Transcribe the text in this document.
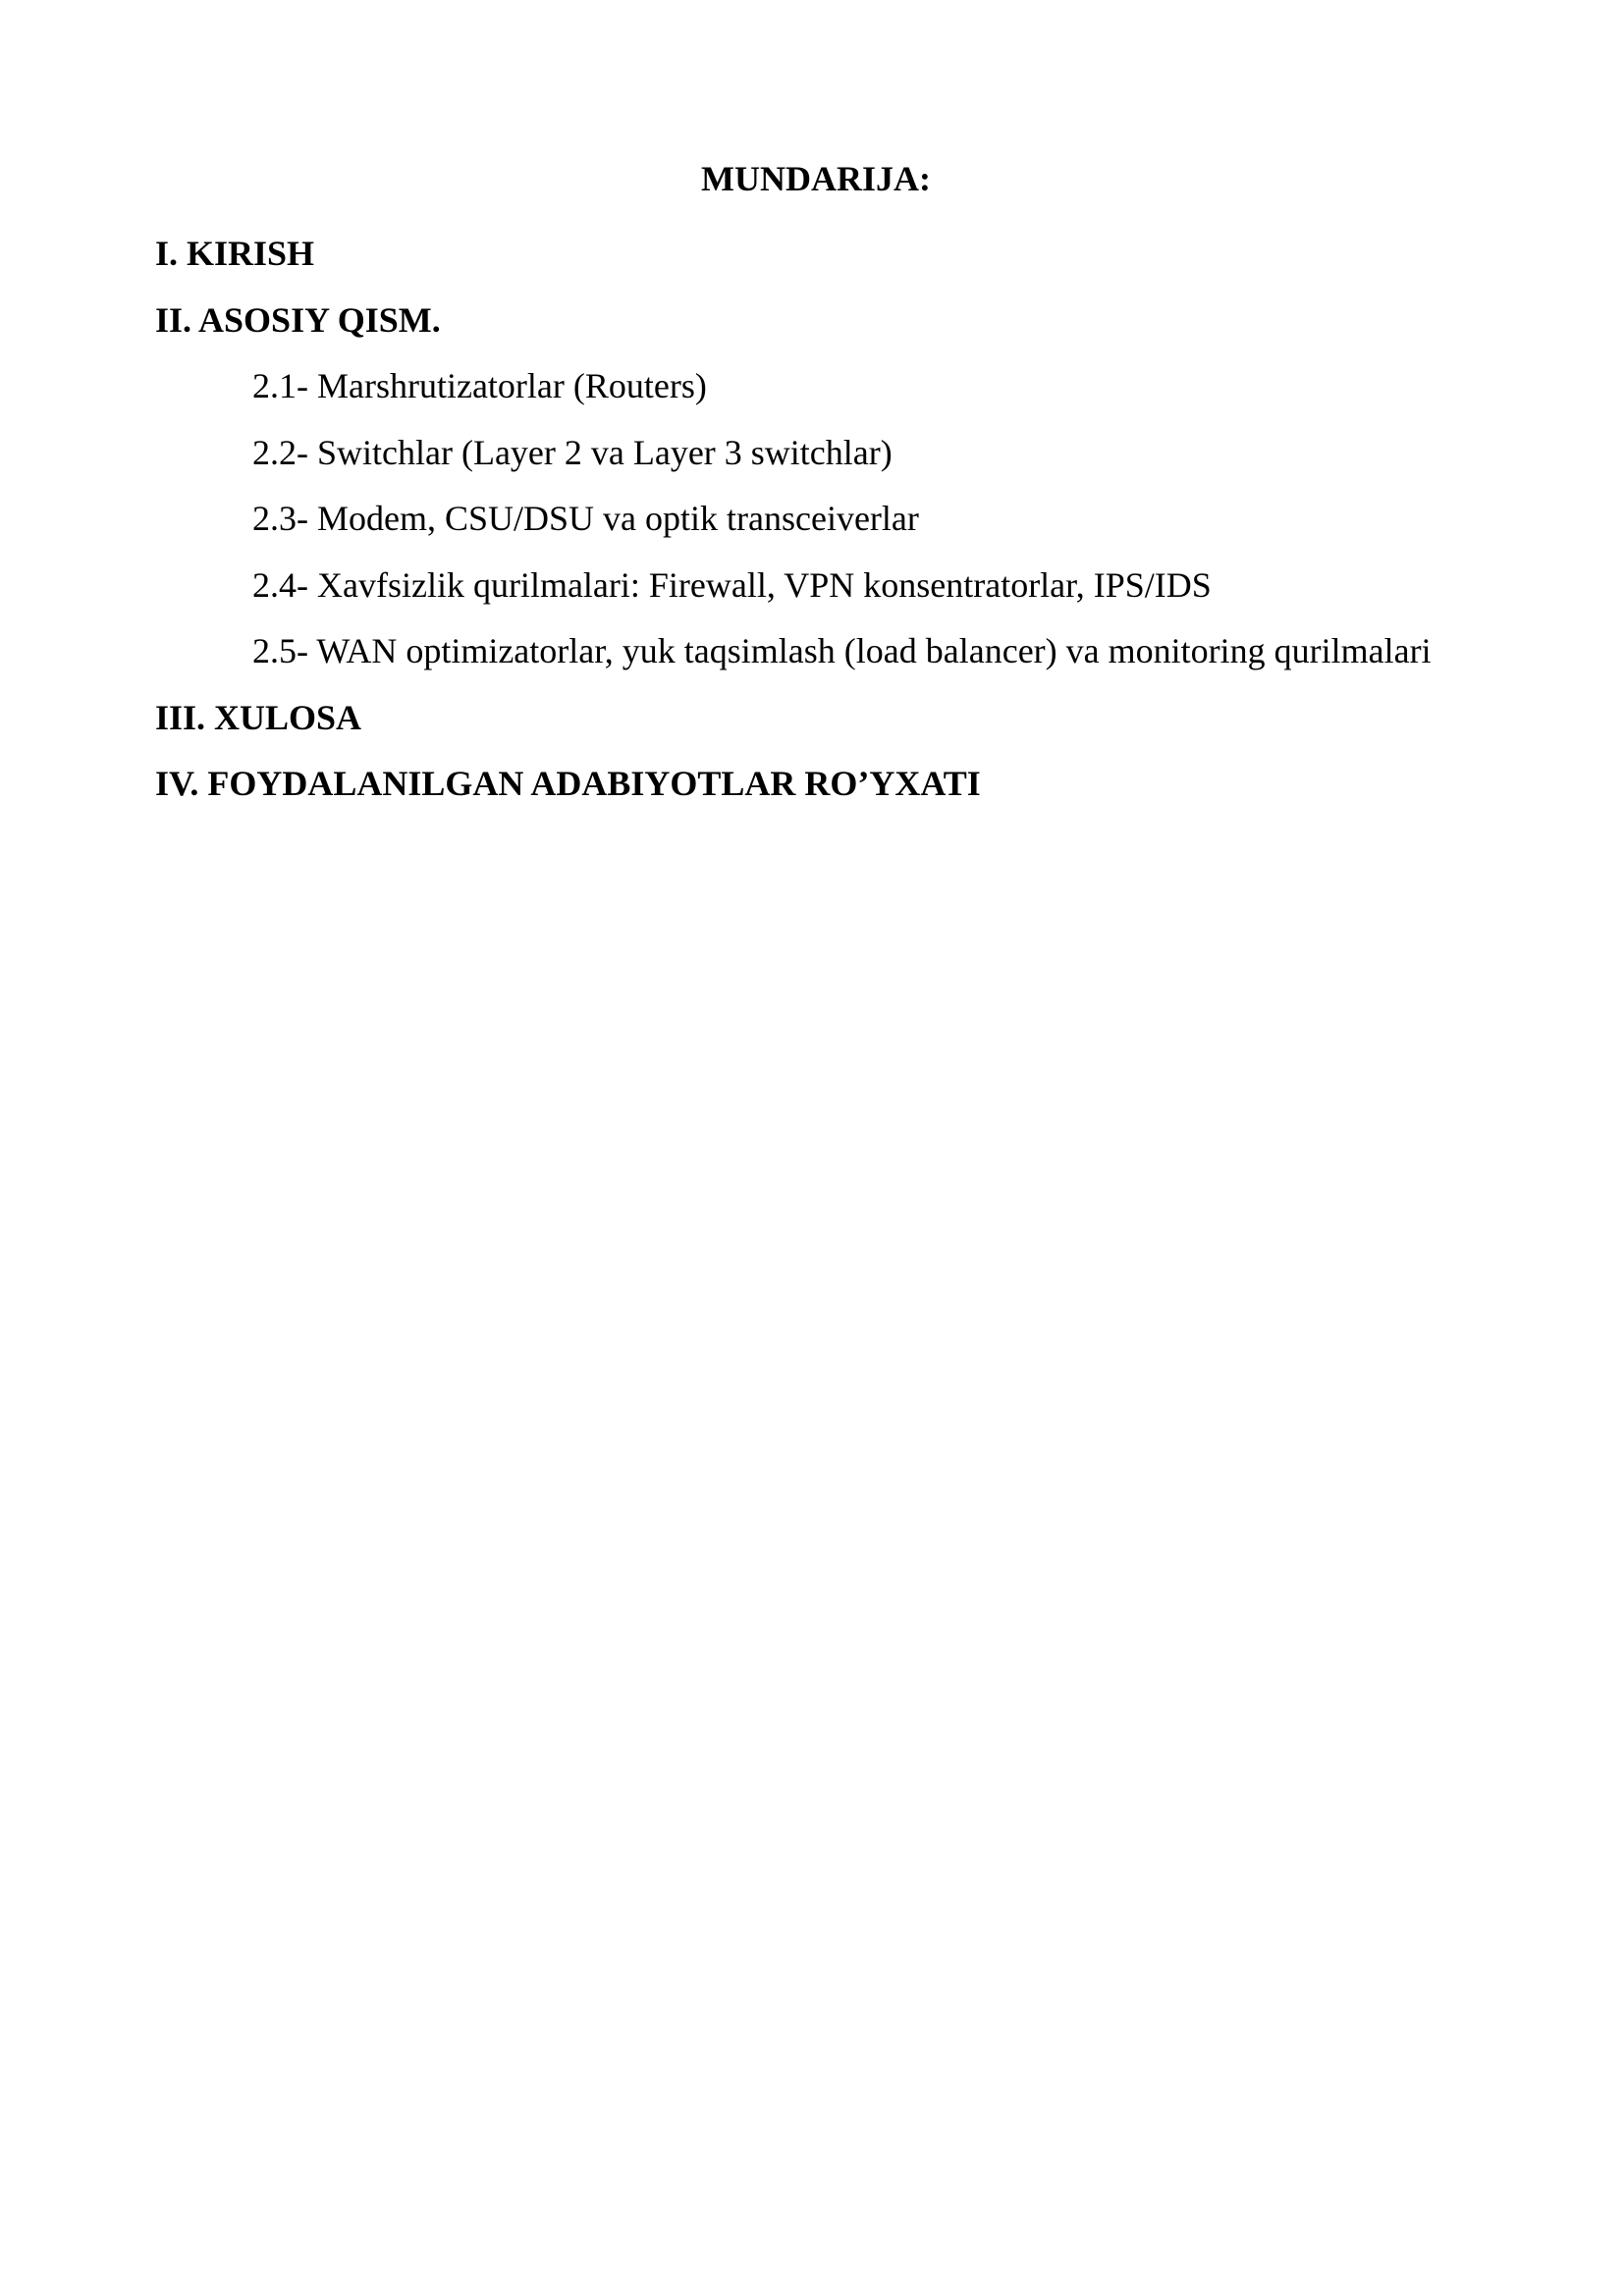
MUNDARIJA:
I. KIRISH
II. ASOSIY QISM.
2.1- Marshrutizatorlar (Routers)
2.2- Switchlar (Layer 2 va Layer 3 switchlar)
2.3- Modem, CSU/DSU va optik transceiverlar
2.4- Xavfsizlik qurilmalari: Firewall, VPN konsentratorlar, IPS/IDS
2.5- WAN optimizatorlar, yuk taqsimlash (load balancer) va monitoring qurilmalari
III. XULOSA
IV. FOYDALANILGAN ADABIYOTLAR RO’YXATI
